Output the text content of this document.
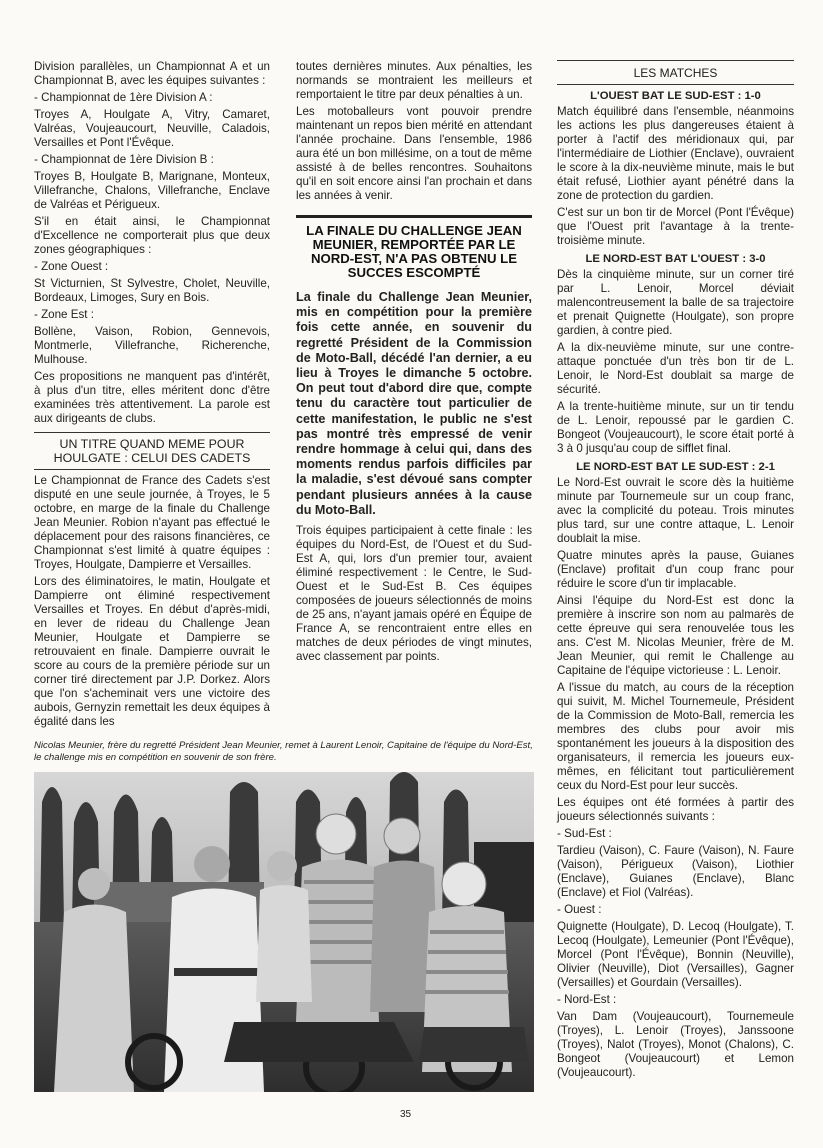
Division parallèles, un Championnat A et un Championnat B, avec les équipes suivantes :

- Championnat de 1ère Division A :

Troyes A, Houlgate A, Vitry, Camaret, Valréas, Voujeaucourt, Neuville, Caladois, Versailles et Pont l'Évêque.

- Championnat de 1ère Division B :

Troyes B, Houlgate B, Marignane, Monteux, Villefranche, Chalons, Villefranche, Enclave de Valréas et Périgueux.

S'il en était ainsi, le Championnat d'Excellence ne comporterait plus que deux zones géographiques :

- Zone Ouest :

St Victurnien, St Sylvestre, Cholet, Neuville, Bordeaux, Limoges, Sury en Bois.

- Zone Est :

Bollène, Vaison, Robion, Gennevois, Montmerle, Villefranche, Richerenche, Mulhouse.

Ces propositions ne manquent pas d'intérêt, à plus d'un titre, elles méritent donc d'être examinées très attentivement. La parole est aux dirigeants de clubs.

UN TITRE QUAND MEME POUR HOULGATE : CELUI DES CADETS

Le Championnat de France des Cadets s'est disputé en une seule journée, à Troyes, le 5 octobre, en marge de la finale du Challenge Jean Meunier. Robion n'ayant pas effectué le déplacement pour des raisons financières, ce Championnat s'est limité à quatre équipes : Troyes, Houlgate, Dampierre et Versailles.

Lors des éliminatoires, le matin, Houlgate et Dampierre ont éliminé respectivement Versailles et Troyes. En début d'après-midi, en lever de rideau du Challenge Jean Meunier, Houlgate et Dampierre se retrouvaient en finale. Dampierre ouvrait le score au cours de la première période sur un corner tiré directement par J.P. Dorkez. Alors que l'on s'acheminait vers une victoire des aubois, Gernyzin remettait les deux équipes à égalité dans les

toutes dernières minutes. Aux pénalties, les normands se montraient les meilleurs et remportaient le titre par deux pénalties à un.

Les motoballeurs vont pouvoir prendre maintenant un repos bien mérité en attendant l'année prochaine. Dans l'ensemble, 1986 aura été un bon millésime, on a tout de même assisté à de belles rencontres. Souhaitons qu'il en soit encore ainsi l'an prochain et dans les années à venir.

LA FINALE DU CHALLENGE JEAN MEUNIER, REMPORTÉE PAR LE NORD-EST, N'A PAS OBTENU LE SUCCES ESCOMPTÉ

La finale du Challenge Jean Meunier, mis en compétition pour la première fois cette année, en souvenir du regretté Président de la Commission de Moto-Ball, décédé l'an dernier, a eu lieu à Troyes le dimanche 5 octobre. On peut tout d'abord dire que, compte tenu du caractère tout particulier de cette manifestation, le public ne s'est pas montré très empressé de venir rendre hommage à celui qui, dans des moments rendus parfois difficiles par la maladie, s'est dévoué sans compter pendant plusieurs années à la cause du Moto-Ball.

Trois équipes participaient à cette finale : les équipes du Nord-Est, de l'Ouest et du Sud-Est A, qui, lors d'un premier tour, avaient éliminé respectivement : le Centre, le Sud-Ouest et le Sud-Est B. Ces équipes composées de joueurs sélectionnés de moins de 25 ans, n'ayant jamais opéré en Équipe de France A, se rencontraient entre elles en matches de deux périodes de vingt minutes, avec classement par points.

LES MATCHES

L'OUEST BAT LE SUD-EST : 1-0

Match équilibré dans l'ensemble, néanmoins les actions les plus dangereuses étaient à porter à l'actif des méridionaux qui, par l'intermédiaire de Liothier (Enclave), ouvraient le score à la dix-neuvième minute, mais le but était refusé, Liothier ayant pénétré dans la zone de protection du gardien.

C'est sur un bon tir de Morcel (Pont l'Évêque) que l'Ouest prit l'avantage à la trente-troisième minute.

LE NORD-EST BAT L'OUEST : 3-0

Dès la cinquième minute, sur un corner tiré par L. Lenoir, Morcel déviait malencontreusement la balle de sa trajectoire et prenait Quignette (Houlgate), son propre gardien, à contre pied.

A la dix-neuvième minute, sur une contre-attaque ponctuée d'un très bon tir de L. Lenoir, le Nord-Est doublait sa marge de sécurité.

A la trente-huitième minute, sur un tir tendu de L. Lenoir, repoussé par le gardien C. Bongeot (Voujeaucourt), le score était porté à 3 à 0 jusqu'au coup de sifflet final.

LE NORD-EST BAT LE SUD-EST : 2-1

Le Nord-Est ouvrait le score dès la huitième minute par Tournemeule sur un coup franc, avec la complicité du poteau. Trois minutes plus tard, sur une contre attaque, L. Lenoir doublait la mise.

Quatre minutes après la pause, Guianes (Enclave) profitait d'un coup franc pour réduire le score d'un tir implacable.

Ainsi l'équipe du Nord-Est est donc la première à inscrire son nom au palmarès de cette épreuve qui sera renouvelée tous les ans. C'est M. Nicolas Meunier, frère de M. Jean Meunier, qui remit le Challenge au Capitaine de l'équipe victorieuse : L. Lenoir.

A l'issue du match, au cours de la réception qui suivit, M. Michel Tournemeule, Président de la Commission de Moto-Ball, remercia les membres des clubs pour avoir mis spontanément les joueurs à la disposition des organisateurs, il remercia les joueurs eux-mêmes, en félicitant tout particulièrement ceux du Nord-Est pour leur succès.

Les équipes ont été formées à partir des joueurs sélectionnés suivants :

- Sud-Est :

Tardieu (Vaison), C. Faure (Vaison), N. Faure (Vaison), Périgueux (Vaison), Liothier (Enclave), Guianes (Enclave), Blanc (Enclave) et Fiol (Valréas).

- Ouest :

Quignette (Houlgate), D. Lecoq (Houlgate), T. Lecoq (Houlgate), Lemeunier (Pont l'Évêque), Morcel (Pont l'Évêque), Bonnin (Neuville), Olivier (Neuville), Diot (Versailles), Gagner (Versailles) et Gourdain (Versailles).

- Nord-Est :

Van Dam (Voujeaucourt), Tournemeule (Troyes), L. Lenoir (Troyes), Janssoone (Troyes), Nalot (Troyes), Monot (Chalons), C. Bongeot (Voujeaucourt) et Lemon (Voujeaucourt).

Nicolas Meunier, frère du regretté Président Jean Meunier, remet à Laurent Lenoir, Capitaine de l'équipe du Nord-Est, le challenge mis en compétition en souvenir de son frère.
35
